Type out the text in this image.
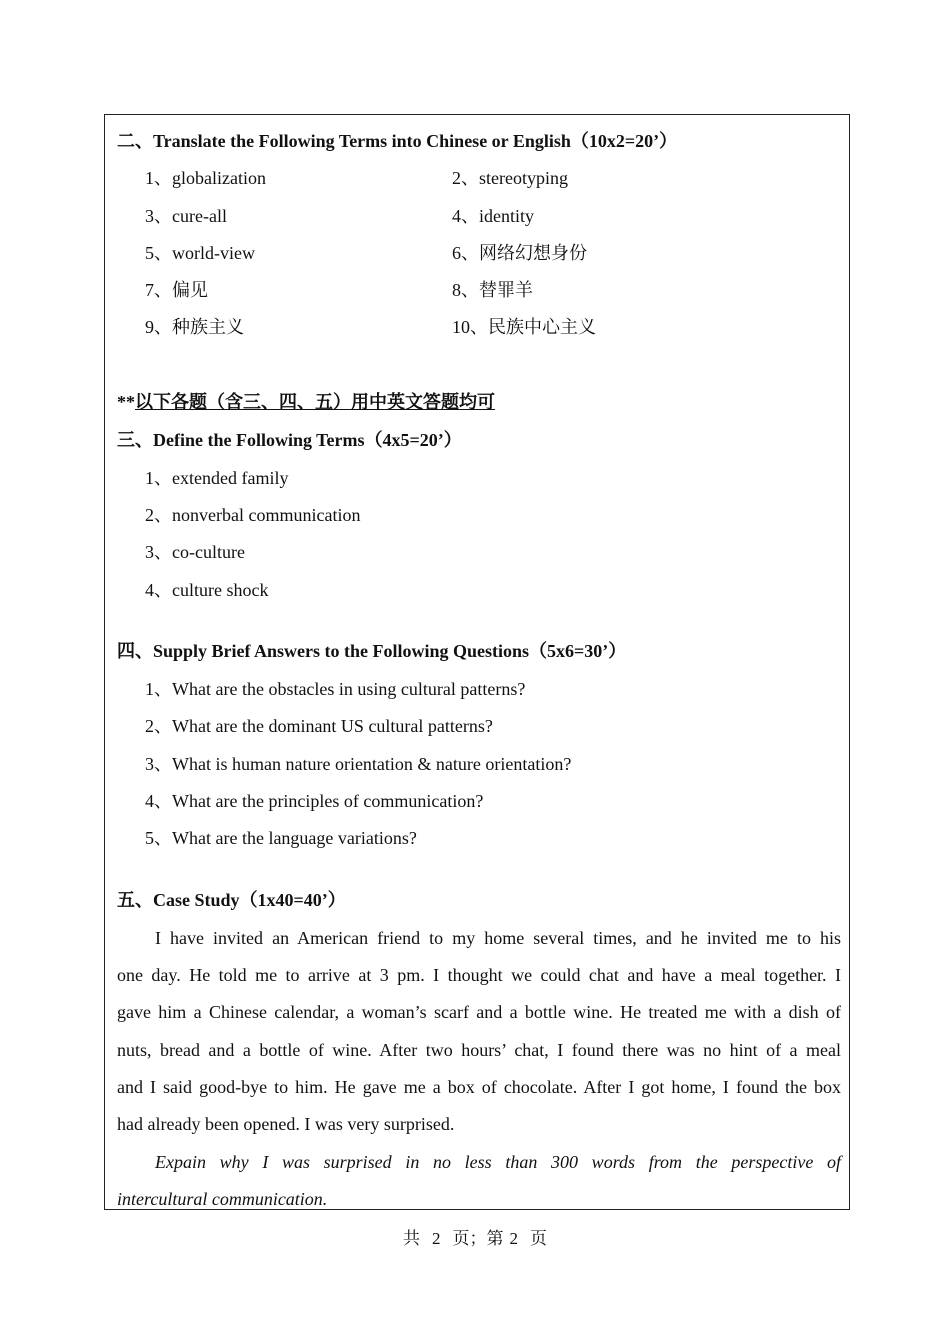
二、Translate the Following Terms into Chinese or English（10x2=20’）
1、globalization	2、stereotyping
3、cure-all	4、identity
5、world-view	6、网络幻想身份
7、偏见	8、替罪羊
9、种族主义	10、民族中心主义
**以下各题（含三、四、五）用中英文答题均可
三、Define the Following Terms（4x5=20’）
1、extended family
2、nonverbal communication
3、co-culture
4、culture shock
四、Supply Brief Answers to the Following Questions（5x6=30’）
1、What are the obstacles in using cultural patterns?
2、What are the dominant US cultural patterns?
3、What is human nature orientation & nature orientation?
4、What are the principles of communication?
5、What are the language variations?
五、Case Study（1x40=40’）
I have invited an American friend to my home several times, and he invited me to his
one day. He told me to arrive at 3 pm. I thought we could chat and have a meal together. I
gave him a Chinese calendar, a woman’s scarf and a bottle wine. He treated me with a dish of
nuts, bread and a bottle of wine. After two hours’ chat, I found there was no hint of a meal
and I said good-bye to him. He gave me a box of chocolate. After I got home, I found the box
had already been opened. I was very surprised.
Expain why I was surprised in no less than 300 words from the perspective of
intercultural communication.
共 2 页；第 2 页
